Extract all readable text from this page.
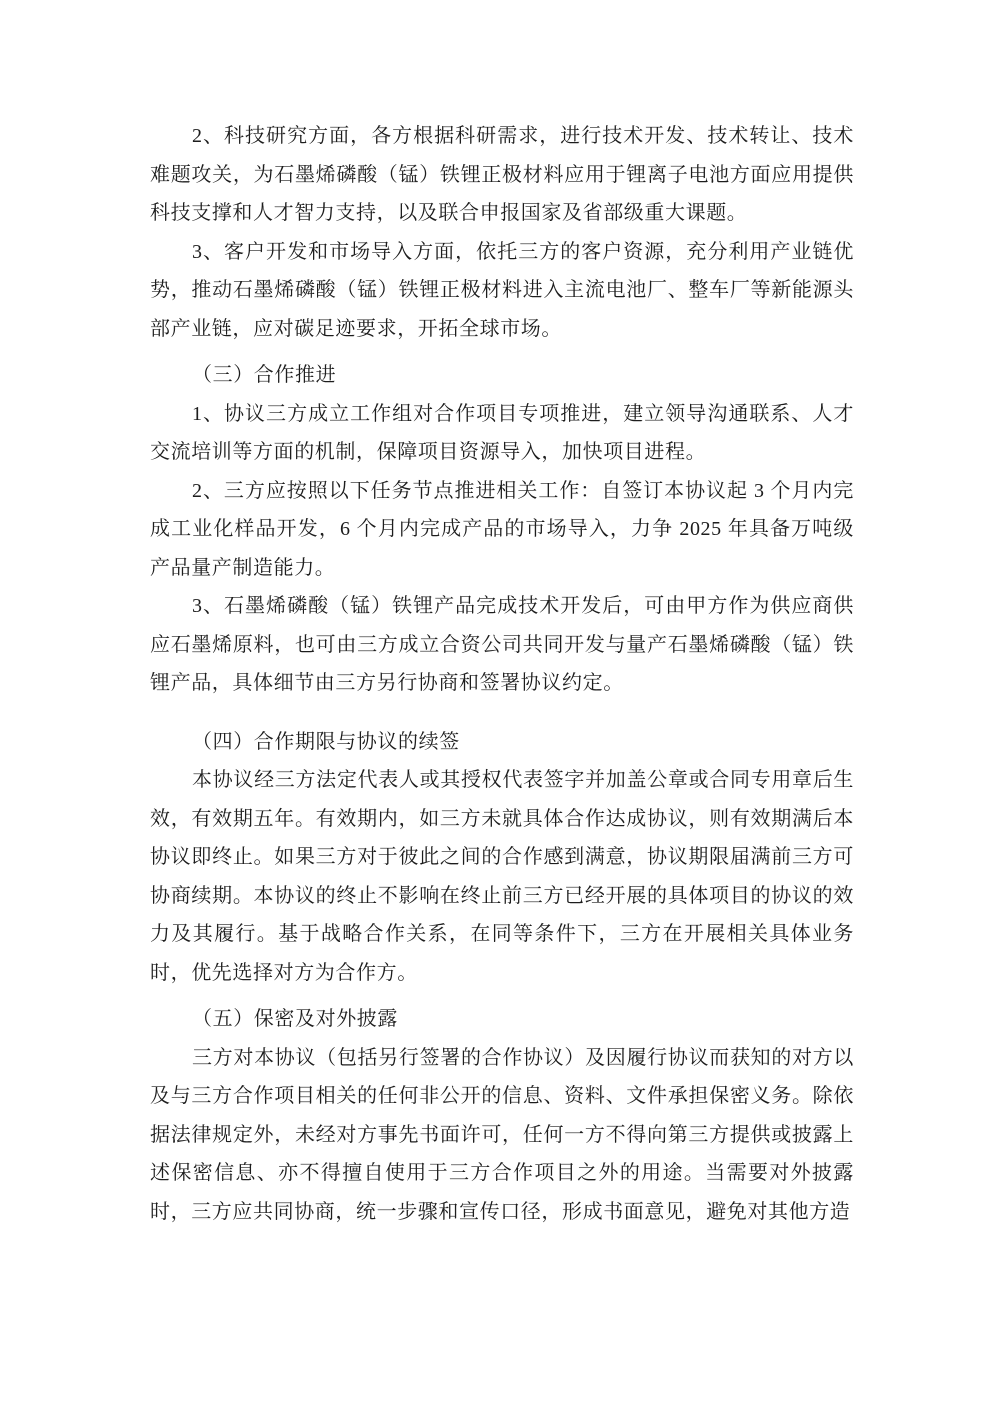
2、科技研究方面，各方根据科研需求，进行技术开发、技术转让、技术难题攻关，为石墨烯磷酸（锰）铁锂正极材料应用于锂离子电池方面应用提供科技支撑和人才智力支持，以及联合申报国家及省部级重大课题。

3、客户开发和市场导入方面，依托三方的客户资源，充分利用产业链优势，推动石墨烯磷酸（锰）铁锂正极材料进入主流电池厂、整车厂等新能源头部产业链，应对碳足迹要求，开拓全球市场。

（三）合作推进

1、协议三方成立工作组对合作项目专项推进，建立领导沟通联系、人才交流培训等方面的机制，保障项目资源导入，加快项目进程。

2、三方应按照以下任务节点推进相关工作：自签订本协议起 3 个月内完成工业化样品开发，6 个月内完成产品的市场导入，力争 2025 年具备万吨级产品量产制造能力。

3、石墨烯磷酸（锰）铁锂产品完成技术开发后，可由甲方作为供应商供应石墨烯原料，也可由三方成立合资公司共同开发与量产石墨烯磷酸（锰）铁锂产品，具体细节由三方另行协商和签署协议约定。

（四）合作期限与协议的续签

本协议经三方法定代表人或其授权代表签字并加盖公章或合同专用章后生效，有效期五年。有效期内，如三方未就具体合作达成协议，则有效期满后本协议即终止。如果三方对于彼此之间的合作感到满意，协议期限届满前三方可协商续期。本协议的终止不影响在终止前三方已经开展的具体项目的协议的效力及其履行。基于战略合作关系，在同等条件下，三方在开展相关具体业务时，优先选择对方为合作方。

（五）保密及对外披露

三方对本协议（包括另行签署的合作协议）及因履行协议而获知的对方以及与三方合作项目相关的任何非公开的信息、资料、文件承担保密义务。除依据法律规定外，未经对方事先书面许可，任何一方不得向第三方提供或披露上述保密信息、亦不得擅自使用于三方合作项目之外的用途。当需要对外披露时，三方应共同协商，统一步骤和宣传口径，形成书面意见，避免对其他方造
